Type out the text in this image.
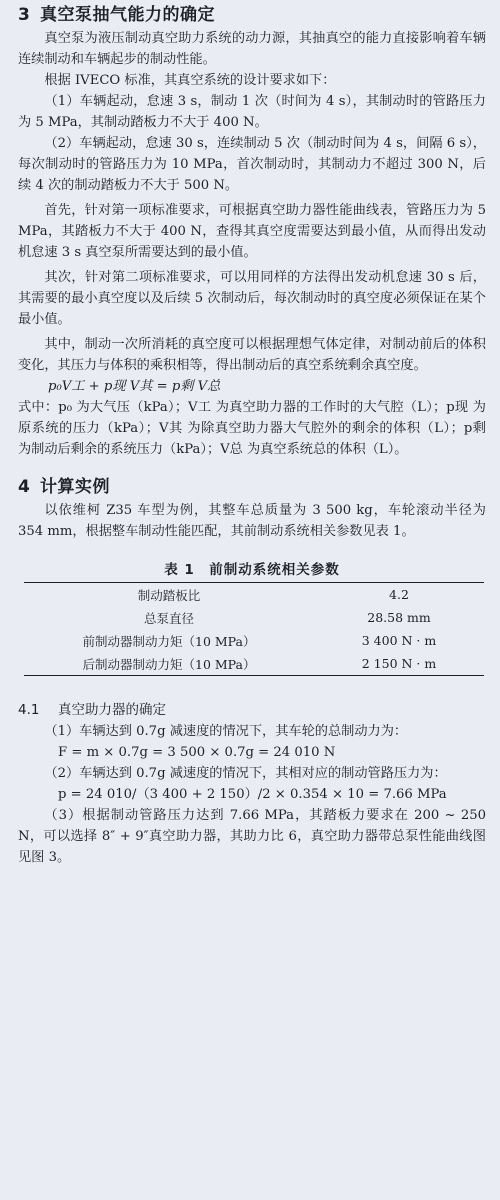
3 真空泵抽气能力的确定

真空泵为液压制动真空助力系统的动力源，其抽真空的能力直接影响着车辆连续制动和车辆起步的制动性能。

根据 IVECO 标准，其真空系统的设计要求如下：

（1）车辆起动，怠速 3 s，制动 1 次（时间为 4 s），其制动时的管路压力为 5 MPa，其制动踏板力不大于 400 N。

（2）车辆起动，怠速 30 s，连续制动 5 次（制动时间为 4 s，间隔 6 s），每次制动时的管路压力为 10 MPa，首次制动时，其制动力不超过 300 N，后续 4 次的制动踏板力不大于 500 N。

首先，针对第一项标准要求，可根据真空助力器性能曲线表，管路压力为 5 MPa，其踏板力不大于 400 N，查得其真空度需要达到最小值，从而得出发动机怠速 3 s 真空泵所需要达到的最小值。

其次，针对第二项标准要求，可以用同样的方法得出发动机怠速 30 s 后，其需要的最小真空度以及后续 5 次制动后，每次制动时的真空度必须保证在某个最小值。

其中，制动一次所消耗的真空度可以根据理想气体定律，对制动前后的体积变化，其压力与体积的乘积相等，得出制动后的真空系统剩余真空度。

p₀V工 + p现 V其 = p剩 V总

式中：p₀ 为大气压（kPa）；V工 为真空助力器的工作时的大气腔（L）；p现 为原系统的压力（kPa）；V其 为除真空助力器大气腔外的剩余的体积（L）；p剩 为制动后剩余的系统压力（kPa）；V总 为真空系统总的体积（L）。

4 计算实例

以依维柯 Z35 车型为例，其整车总质量为 3 500 kg，车轮滚动半径为 354 mm，根据整车制动性能匹配，其前制动系统相关参数见表 1。

表 1　前制动系统相关参数
制动踏板比	4.2
总泵直径	28.58 mm
前制动器制动力矩（10 MPa）	3 400 N · m
后制动器制动力矩（10 MPa）	2 150 N · m
4.1 真空助力器的确定

（1）车辆达到 0.7g 减速度的情况下，其车轮的总制动力为：

F = m × 0.7g = 3 500 × 0.7g = 24 010 N

（2）车辆达到 0.7g 减速度的情况下，其相对应的制动管路压力为：

p = 24 010/（3 400 + 2 150）/2 × 0.354 × 10 = 7.66 MPa

（3）根据制动管路压力达到 7.66 MPa，其踏板力要求在 200 ~ 250 N，可以选择 8″ + 9″真空助力器，其助力比 6，真空助力器带总泵性能曲线图见图 3。
